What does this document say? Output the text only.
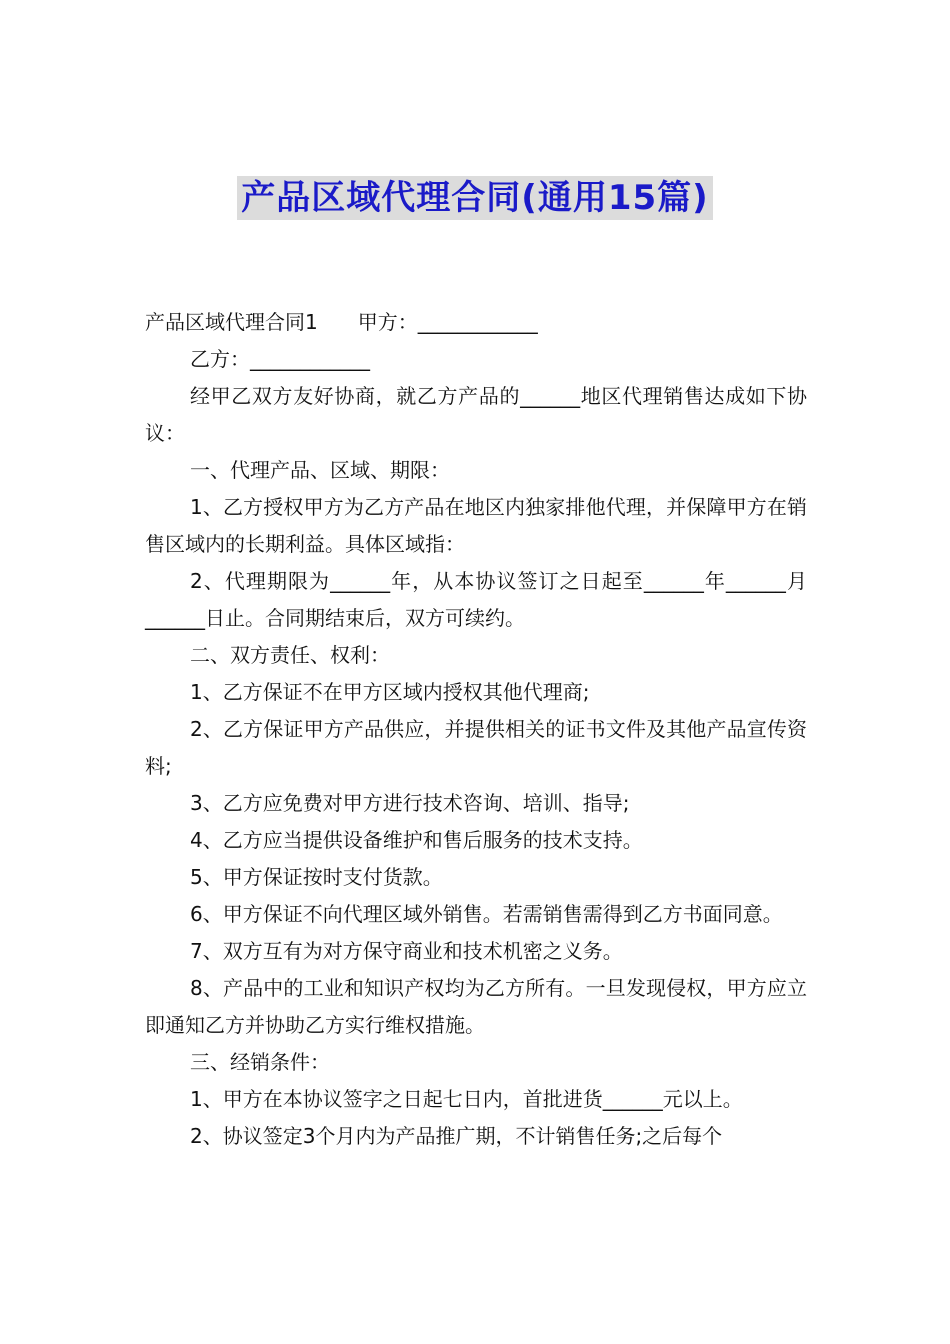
产品区域代理合同(通用15篇)

产品区域代理合同1　　甲方：____________

乙方：____________

经甲乙双方友好协商，就乙方产品的______地区代理销售达成如下协议：

一、代理产品、区域、期限：

1、乙方授权甲方为乙方产品在地区内独家排他代理，并保障甲方在销售区域内的长期利益。具体区域指：

2、代理期限为______年，从本协议签订之日起至______年______月______日止。合同期结束后，双方可续约。

二、双方责任、权利：

1、乙方保证不在甲方区域内授权其他代理商;

2、乙方保证甲方产品供应，并提供相关的证书文件及其他产品宣传资料;

3、乙方应免费对甲方进行技术咨询、培训、指导;

4、乙方应当提供设备维护和售后服务的技术支持。

5、甲方保证按时支付货款。

6、甲方保证不向代理区域外销售。若需销售需得到乙方书面同意。

7、双方互有为对方保守商业和技术机密之义务。

8、产品中的工业和知识产权均为乙方所有。一旦发现侵权，甲方应立即通知乙方并协助乙方实行维权措施。

三、经销条件：

1、甲方在本协议签字之日起七日内，首批进货______元以上。

2、协议签定3个月内为产品推广期，不计销售任务;之后每个
